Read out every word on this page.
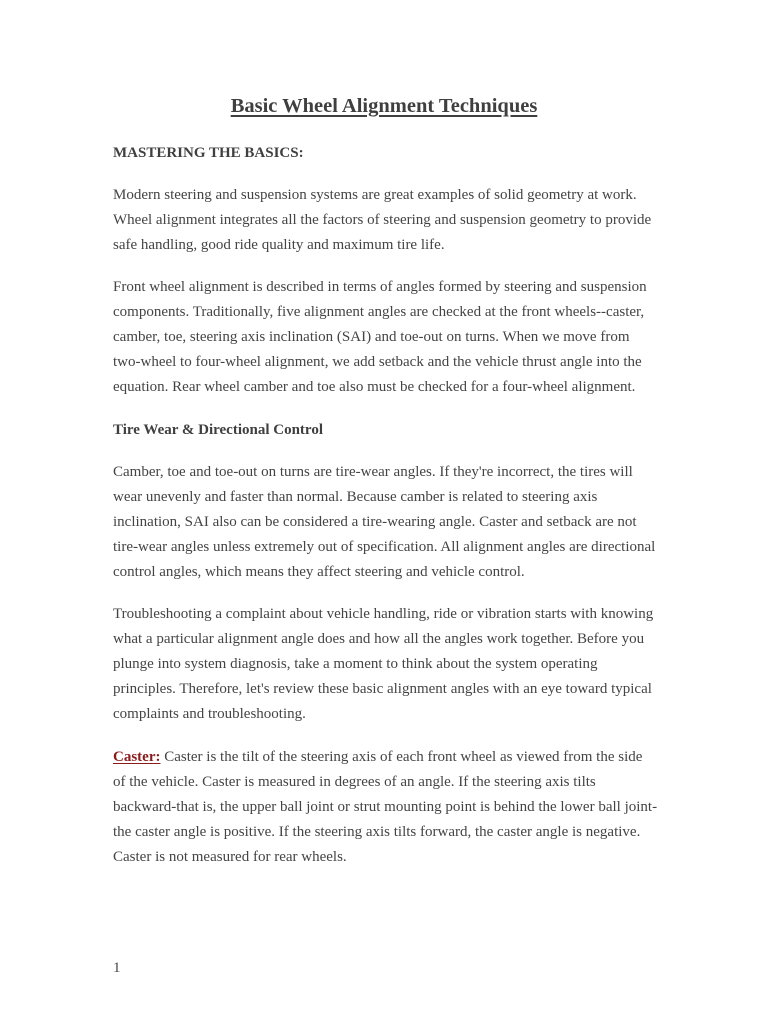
Basic Wheel Alignment Techniques

MASTERING THE BASICS:

Modern steering and suspension systems are great examples of solid geometry at work. Wheel alignment integrates all the factors of steering and suspension geometry to provide safe handling, good ride quality and maximum tire life.

Front wheel alignment is described in terms of angles formed by steering and suspension components. Traditionally, five alignment angles are checked at the front wheels--caster, camber, toe, steering axis inclination (SAI) and toe-out on turns. When we move from two-wheel to four-wheel alignment, we add setback and the vehicle thrust angle into the equation. Rear wheel camber and toe also must be checked for a four-wheel alignment.

Tire Wear & Directional Control

Camber, toe and toe-out on turns are tire-wear angles. If they're incorrect, the tires will wear unevenly and faster than normal. Because camber is related to steering axis inclination, SAI also can be considered a tire-wearing angle. Caster and setback are not tire-wear angles unless extremely out of specification. All alignment angles are directional control angles, which means they affect steering and vehicle control.

Troubleshooting a complaint about vehicle handling, ride or vibration starts with knowing what a particular alignment angle does and how all the angles work together. Before you plunge into system diagnosis, take a moment to think about the system operating principles. Therefore, let's review these basic alignment angles with an eye toward typical complaints and troubleshooting.

Caster: Caster is the tilt of the steering axis of each front wheel as viewed from the side of the vehicle. Caster is measured in degrees of an angle. If the steering axis tilts backward-that is, the upper ball joint or strut mounting point is behind the lower ball joint-the caster angle is positive. If the steering axis tilts forward, the caster angle is negative. Caster is not measured for rear wheels.

1
